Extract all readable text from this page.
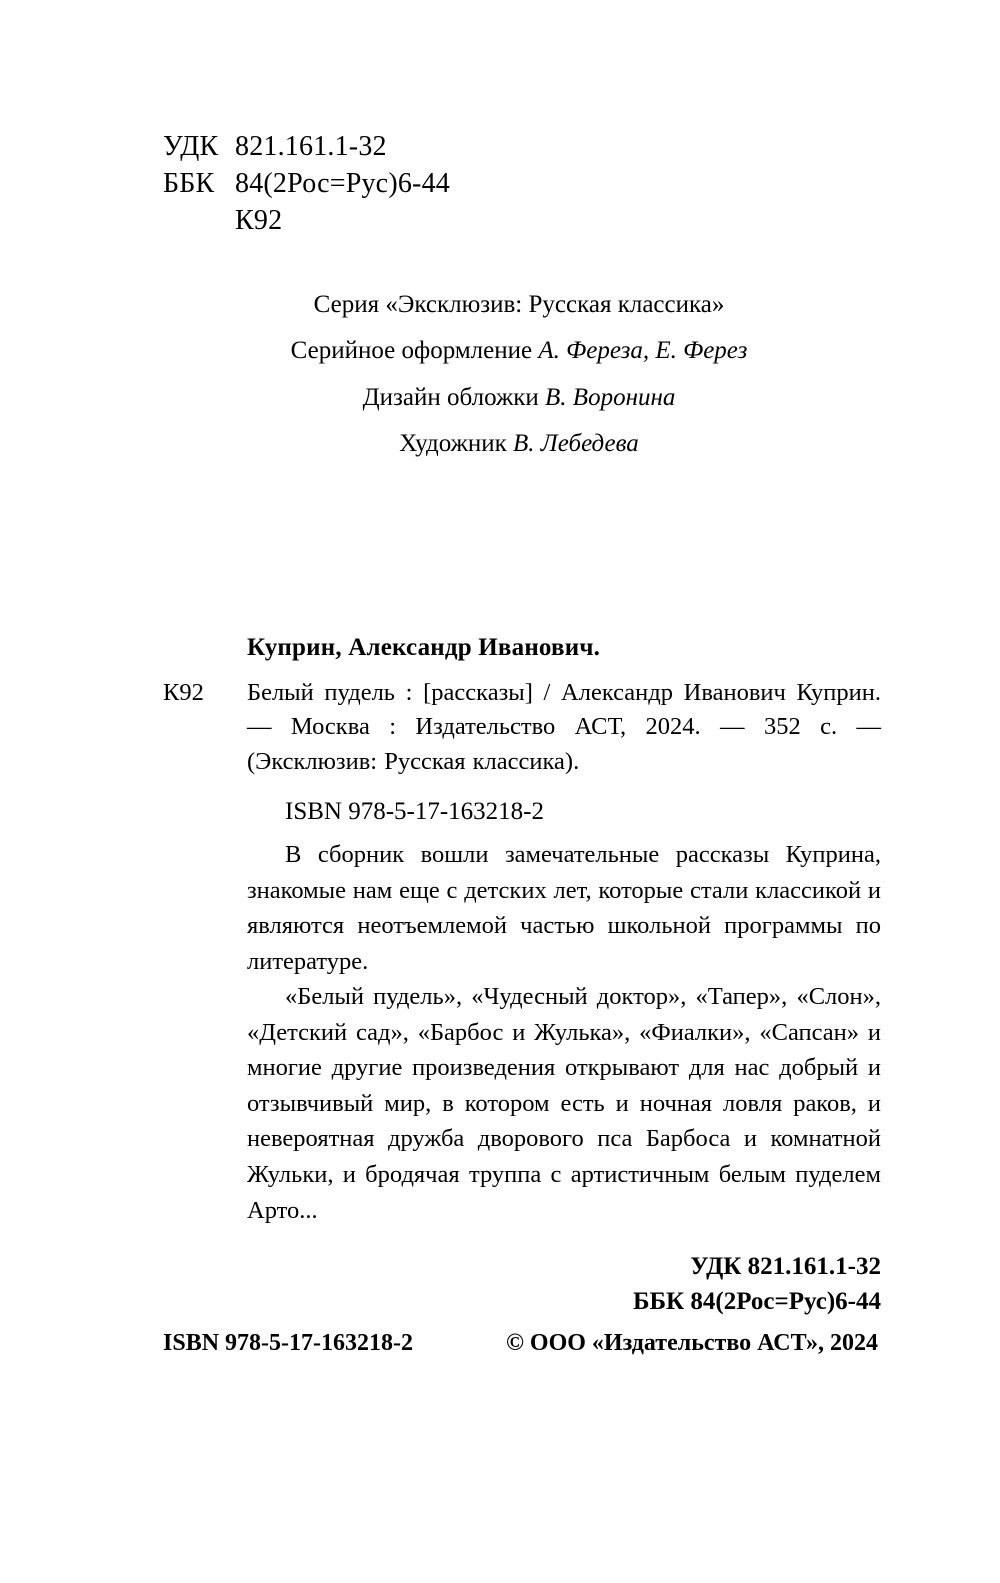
УДК 821.161.1-32
ББК 84(2Рос=Рус)6-44
К92
Серия «Эксклюзив: Русская классика»
Серийное оформление А. Фереза, Е. Ферез
Дизайн обложки В. Воронина
Художник В. Лебедева
Куприн, Александр Иванович.
К92 Белый пудель : [рассказы] / Александр Иванович Куприн. — Москва : Издательство АСТ, 2024. — 352 с. — (Эксклюзив: Русская классика).
ISBN 978-5-17-163218-2

В сборник вошли замечательные рассказы Куприна, знакомые нам еще с детских лет, которые стали классикой и являются неотъемлемой частью школьной программы по литературе.

«Белый пудель», «Чудесный доктор», «Тапер», «Слон», «Детский сад», «Барбос и Жулька», «Фиалки», «Сапсан» и многие другие произведения открывают для нас добрый и отзывчивый мир, в котором есть и ночная ловля раков, и невероятная дружба дворового пса Барбоса и комнатной Жульки, и бродячая труппа с артистичным белым пуделем Арто...

УДК 821.161.1-32
ББК 84(2Рос=Рус)6-44
ISBN 978-5-17-163218-2	© ООО «Издательство АСТ», 2024
